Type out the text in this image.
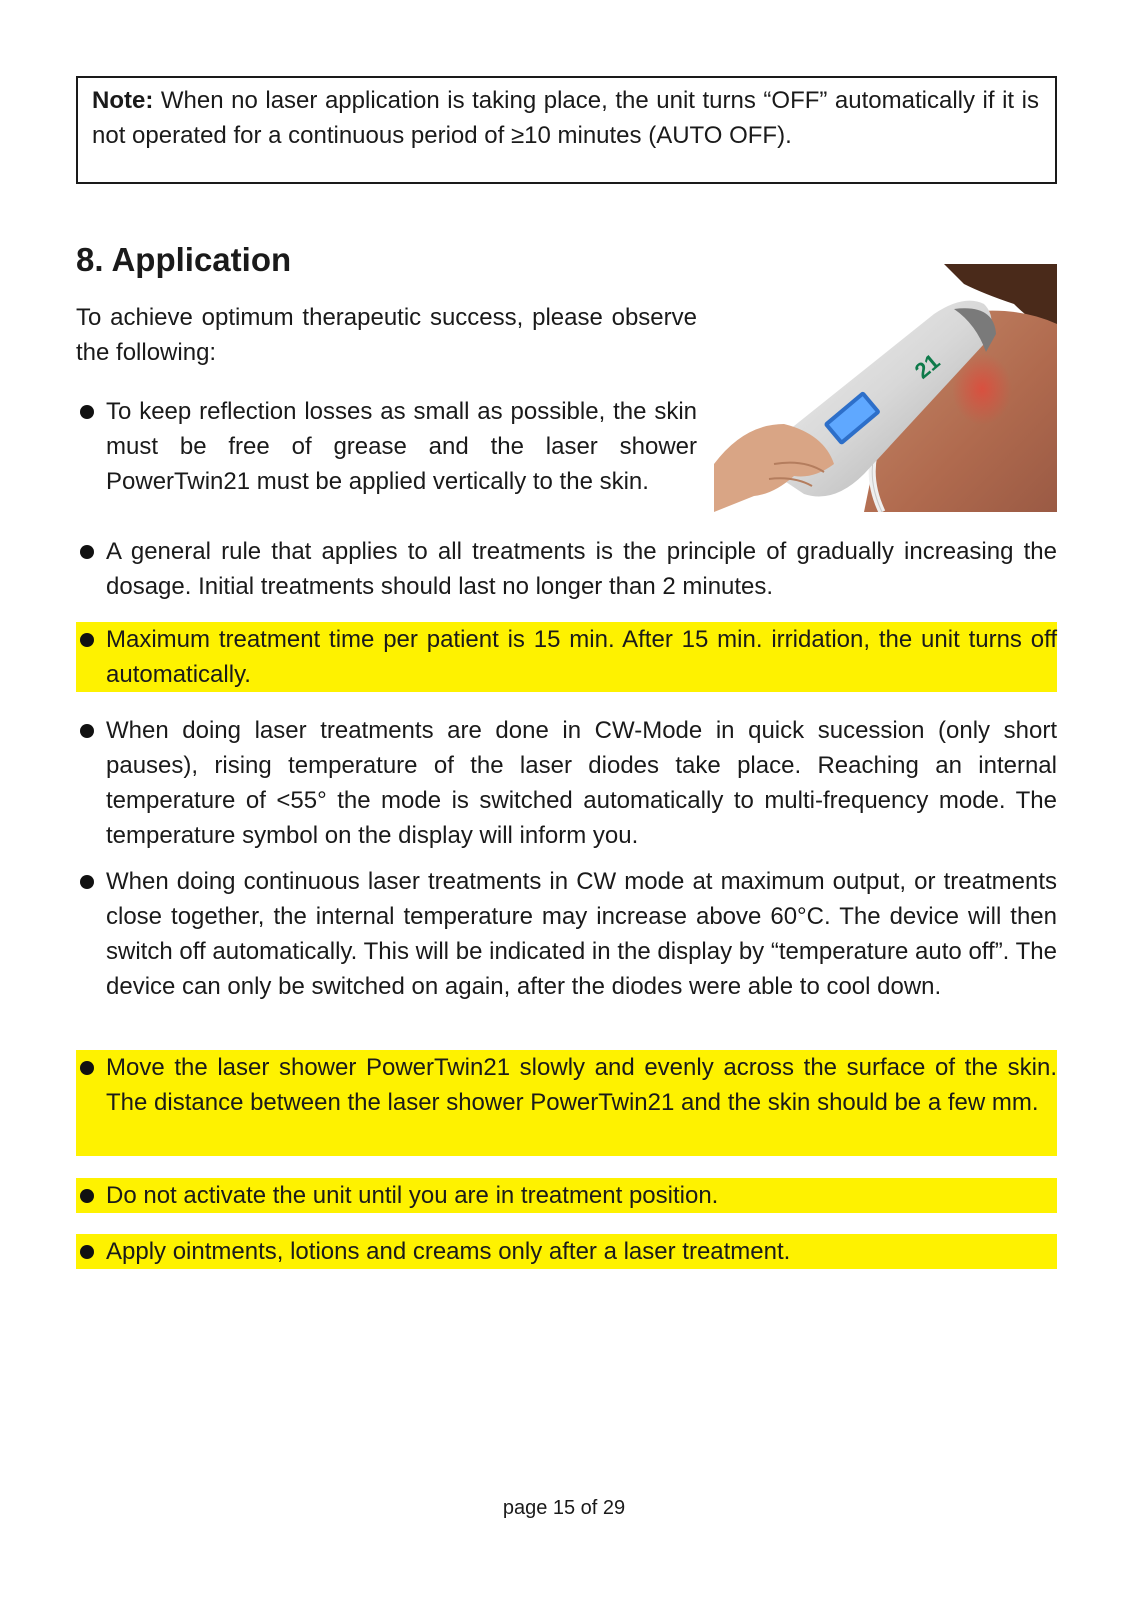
Note: When no laser application is taking place, the unit turns “OFF” automatically if it is not operated for a continuous period of ≥10 minutes (AUTO OFF).
8. Application
To achieve optimum therapeutic success, please observe the following:	21
To keep reflection losses as small as possible, the skin must be free of grease and the laser shower PowerTwin21 must be applied vertically to the skin.
A general rule that applies to all treatments is the principle of gradually increasing the dosage. Initial treatments should last no longer than 2 minutes.
Maximum treatment time per patient is 15 min. After 15 min. irridation, the unit turns off automatically.
When doing laser treatments are done in CW-Mode in quick sucession (only short pauses), rising temperature of the laser diodes take place. Reaching an internal temperature of <55° the mode is switched automatically to multi-frequency mode. The temperature symbol on the display will inform you.
When doing continuous laser treatments in CW mode at maximum output, or treatments close together, the internal temperature may increase above 60°C. The device will then switch off automatically. This will be indicated in the display by “temperature auto off”. The device can only be switched on again, after the diodes were able to cool down.
Move the laser shower PowerTwin21 slowly and evenly across the surface of the skin. The distance between the laser shower PowerTwin21 and the skin should be a few mm.
Do not activate the unit until you are in treatment position.
Apply ointments, lotions and creams only after a laser treatment.
page 15 of 29
